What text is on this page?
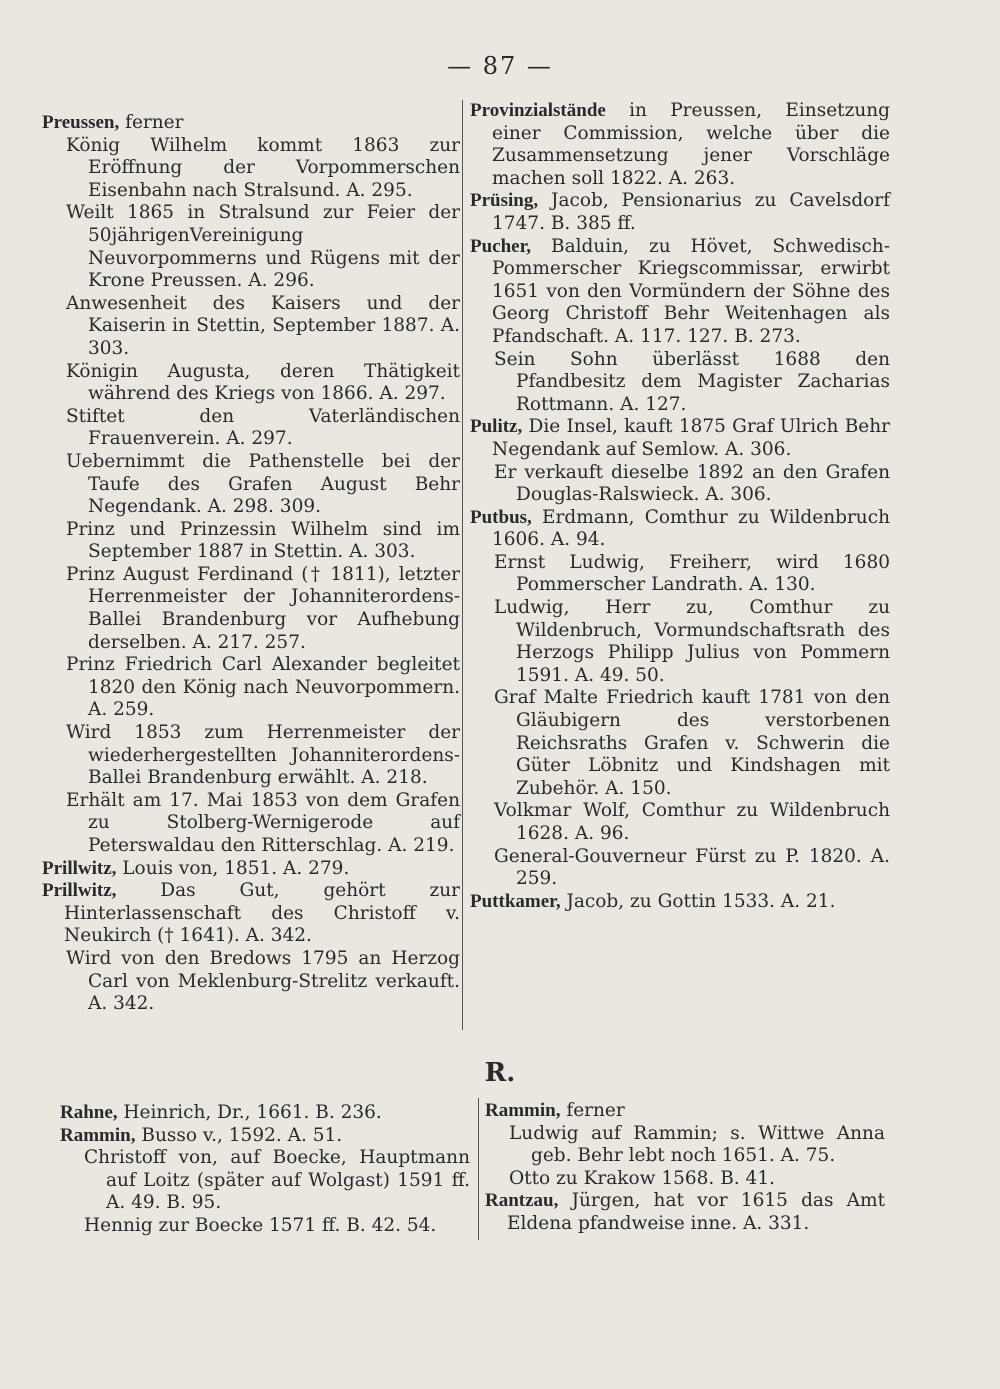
— 87 —

Preussen, ferner

König Wilhelm kommt 1863 zur Eröffnung der Vorpommerschen Eisenbahn nach Stralsund. A. 295.

Weilt 1865 in Stralsund zur Feier der 50jährigenVereinigung Neuvorpommerns und Rügens mit der Krone Preussen. A. 296.

Anwesenheit des Kaisers und der Kaiserin in Stettin, September 1887. A. 303.

Königin Augusta, deren Thätigkeit während des Kriegs von 1866. A. 297.

Stiftet den Vaterländischen Frauenverein. A. 297.

Uebernimmt die Pathenstelle bei der Taufe des Grafen August Behr Negendank. A. 298. 309.

Prinz und Prinzessin Wilhelm sind im September 1887 in Stettin. A. 303.

Prinz August Ferdinand († 1811), letzter Herrenmeister der Johanniterordens-Ballei Brandenburg vor Aufhebung derselben. A. 217. 257.

Prinz Friedrich Carl Alexander begleitet 1820 den König nach Neuvorpommern. A. 259.

Wird 1853 zum Herrenmeister der wiederhergestellten Johanniterordens-Ballei Brandenburg erwählt. A. 218.

Erhält am 17. Mai 1853 von dem Grafen zu Stolberg-Wernigerode auf Peterswaldau den Ritterschlag. A. 219.

Prillwitz, Louis von, 1851. A. 279.

Prillwitz, Das Gut, gehört zur Hinterlassenschaft des Christoff v. Neukirch († 1641). A. 342.

Wird von den Bredows 1795 an Herzog Carl von Meklenburg-Strelitz verkauft. A. 342.

Provinzialstände in Preussen, Einsetzung einer Commission, welche über die Zusammensetzung jener Vorschläge machen soll 1822. A. 263.

Prüsing, Jacob, Pensionarius zu Cavelsdorf 1747. B. 385 ff.

Pucher, Balduin, zu Hövet, Schwedisch-Pommerscher Kriegscommissar, erwirbt 1651 von den Vormündern der Söhne des Georg Christoff Behr Weitenhagen als Pfandschaft. A. 117. 127. B. 273.

Sein Sohn überlässt 1688 den Pfandbesitz dem Magister Zacharias Rottmann. A. 127.

Pulitz, Die Insel, kauft 1875 Graf Ulrich Behr Negendank auf Semlow. A. 306.

Er verkauft dieselbe 1892 an den Grafen Douglas-Ralswieck. A. 306.

Putbus, Erdmann, Comthur zu Wildenbruch 1606. A. 94.

Ernst Ludwig, Freiherr, wird 1680 Pommerscher Landrath. A. 130.

Ludwig, Herr zu, Comthur zu Wildenbruch, Vormundschaftsrath des Herzogs Philipp Julius von Pommern 1591. A. 49. 50.

Graf Malte Friedrich kauft 1781 von den Gläubigern des verstorbenen Reichsraths Grafen v. Schwerin die Güter Löbnitz und Kindshagen mit Zubehör. A. 150.

Volkmar Wolf, Comthur zu Wildenbruch 1628. A. 96.

General-Gouverneur Fürst zu P. 1820. A. 259.

Puttkamer, Jacob, zu Gottin 1533. A. 21.

R.

Rahne, Heinrich, Dr., 1661. B. 236.

Rammin, Busso v., 1592. A. 51.

Christoff von, auf Boecke, Hauptmann auf Loitz (später auf Wolgast) 1591 ff. A. 49. B. 95.

Hennig zur Boecke 1571 ff. B. 42. 54.

Rammin, ferner

Ludwig auf Rammin; s. Wittwe Anna geb. Behr lebt noch 1651. A. 75.

Otto zu Krakow 1568. B. 41.

Rantzau, Jürgen, hat vor 1615 das Amt Eldena pfandweise inne. A. 331.
